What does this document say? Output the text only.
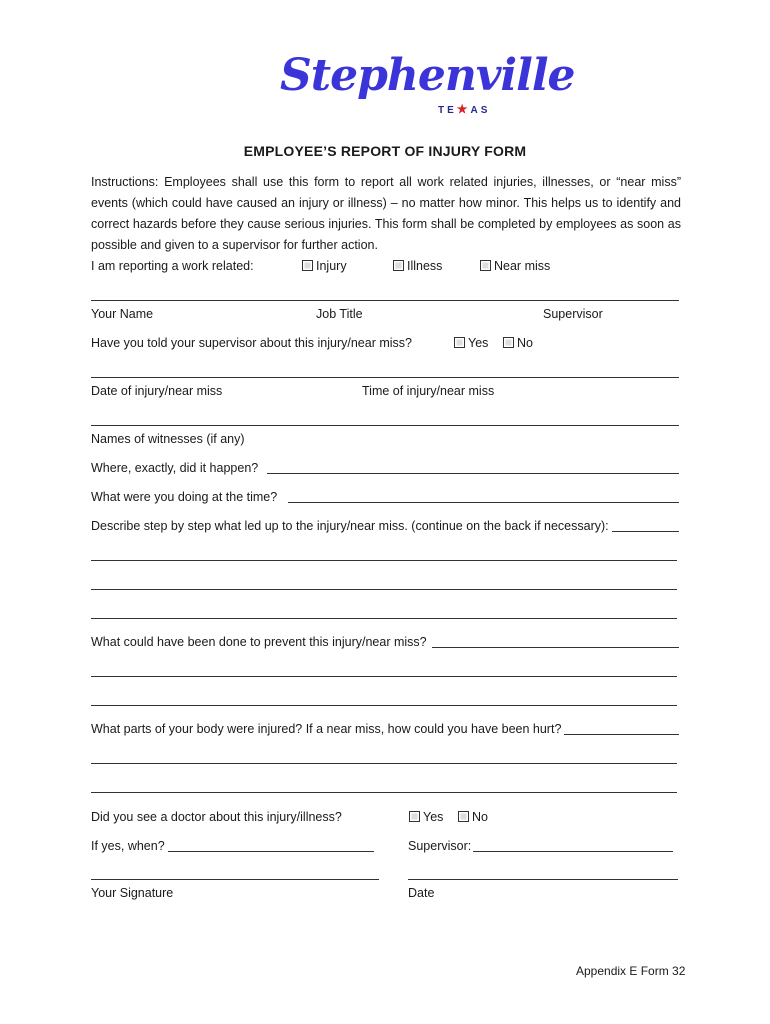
Stephenville
TE★AS
EMPLOYEE’S REPORT OF INJURY FORM
Instructions: Employees shall use this form to report all work related injuries, illnesses, or “near miss” events (which could have caused an injury or illness) – no matter how minor. This helps us to identify and correct hazards before they cause serious injuries. This form shall be completed by employees as soon as possible and given to a supervisor for further action.
I am reporting a work related:	Injury	Illness	Near miss
Your Name	Job Title	Supervisor
Have you told your supervisor about this injury/near miss?	Yes No
Date of injury/near miss	Time of injury/near miss
Names of witnesses (if any)
Where, exactly, did it happen?
What were you doing at the time?
Describe step by step what led up to the injury/near miss. (continue on the back if necessary):
What could have been done to prevent this injury/near miss?
What parts of your body were injured? If a near miss, how could you have been hurt?
Did you see a doctor about this injury/illness?	Yes No
If yes, when?	Supervisor:
Your Signature	Date
Appendix E Form 32
